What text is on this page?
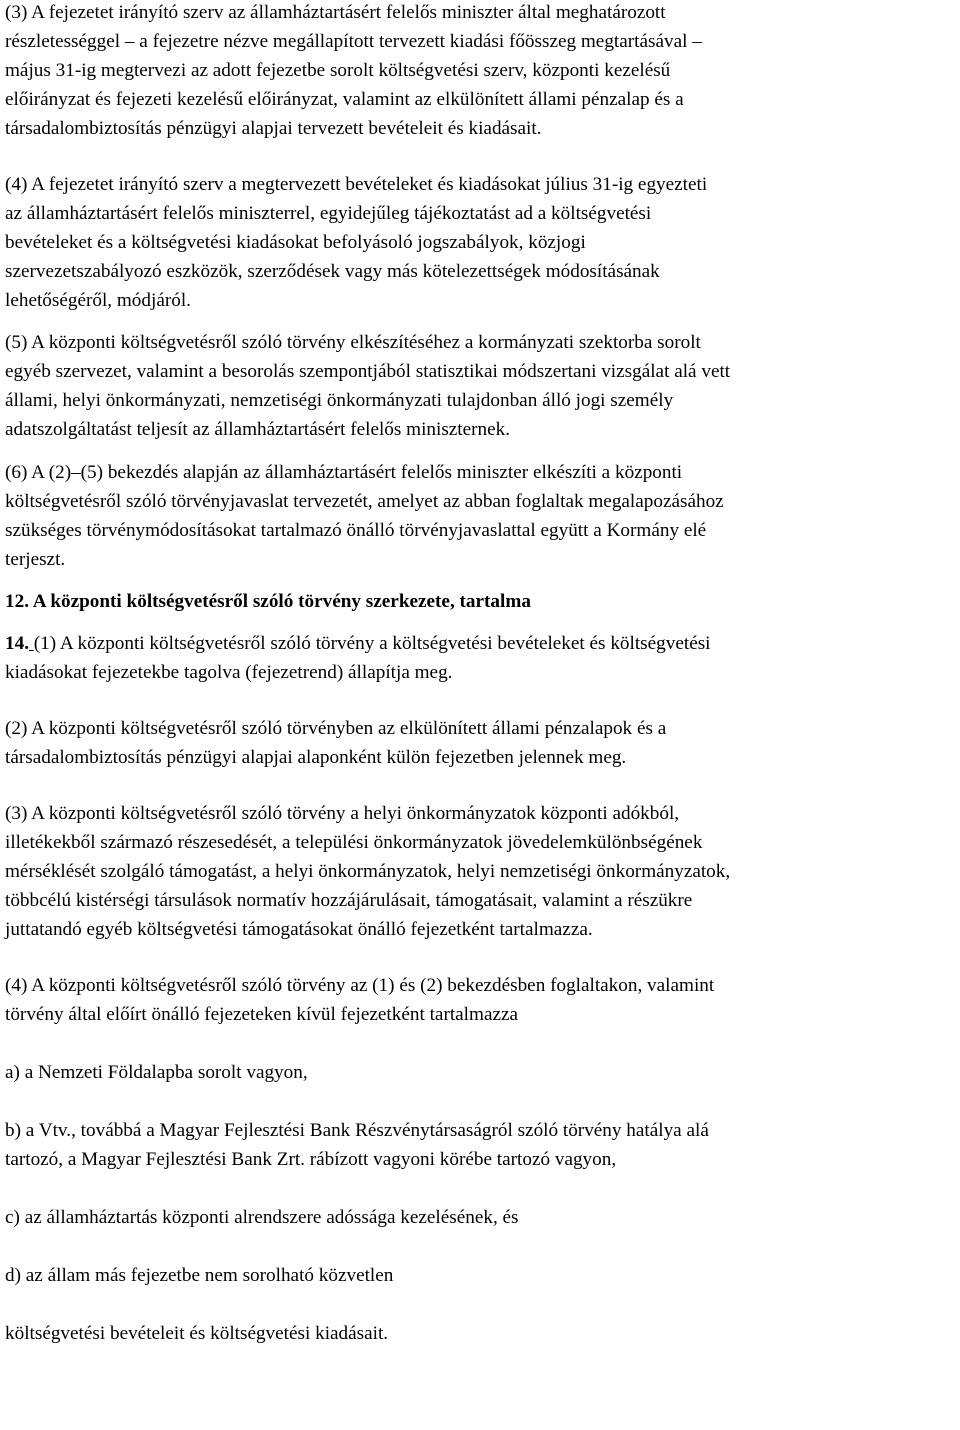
(3) A fejezetet irányító szerv az államháztartásért felelős miniszter által meghatározott
részletességgel – a fejezetre nézve megállapított tervezett kiadási főösszeg megtartásával –
május 31-ig megtervezi az adott fejezetbe sorolt költségvetési szerv, központi kezelésű
előirányzat és fejezeti kezelésű előirányzat, valamint az elkülönített állami pénzalap és a
társadalombiztosítás pénzügyi alapjai tervezett bevételeit és kiadásait.
(4) A fejezetet irányító szerv a megtervezett bevételeket és kiadásokat július 31-ig egyezteti
az államháztartásért felelős miniszterrel, egyidejűleg tájékoztatást ad a költségvetési
bevételeket és a költségvetési kiadásokat befolyásoló jogszabályok, közjogi
szervezetszabályozó eszközök, szerződések vagy más kötelezettségek módosításának
lehetőségéről, módjáról.
(5) A központi költségvetésről szóló törvény elkészítéséhez a kormányzati szektorba sorolt
egyéb szervezet, valamint a besorolás szempontjából statisztikai módszertani vizsgálat alá vett
állami, helyi önkormányzati, nemzetiségi önkormányzati tulajdonban álló jogi személy
adatszolgáltatást teljesít az államháztartásért felelős miniszternek.
(6) A (2)–(5) bekezdés alapján az államháztartásért felelős miniszter elkészíti a központi
költségvetésről szóló törvényjavaslat tervezetét, amelyet az abban foglaltak megalapozásához
szükséges törvénymódosításokat tartalmazó önálló törvényjavaslattal együtt a Kormány elé
terjeszt.
12. A központi költségvetésről szóló törvény szerkezete, tartalma
14. (1) A központi költségvetésről szóló törvény a költségvetési bevételeket és költségvetési
kiadásokat fejezetekbe tagolva (fejezetrend) állapítja meg.
(2) A központi költségvetésről szóló törvényben az elkülönített állami pénzalapok és a
társadalombiztosítás pénzügyi alapjai alaponként külön fejezetben jelennek meg.
(3) A központi költségvetésről szóló törvény a helyi önkormányzatok központi adókból,
illetékekből származó részesedését, a települési önkormányzatok jövedelemkülönbségének
mérséklését szolgáló támogatást, a helyi önkormányzatok, helyi nemzetiségi önkormányzatok,
többcélú kistérségi társulások normatív hozzájárulásait, támogatásait, valamint a részükre
juttatandó egyéb költségvetési támogatásokat önálló fejezetként tartalmazza.
(4) A központi költségvetésről szóló törvény az (1) és (2) bekezdésben foglaltakon, valamint
törvény által előírt önálló fejezeteken kívül fejezetként tartalmazza
a) a Nemzeti Földalapba sorolt vagyon,
b) a Vtv., továbbá a Magyar Fejlesztési Bank Részvénytársaságról szóló törvény hatálya alá
tartozó, a Magyar Fejlesztési Bank Zrt. rábízott vagyoni körébe tartozó vagyon,
c) az államháztartás központi alrendszere adóssága kezelésének, és
d) az állam más fejezetbe nem sorolható közvetlen
költségvetési bevételeit és költségvetési kiadásait.
